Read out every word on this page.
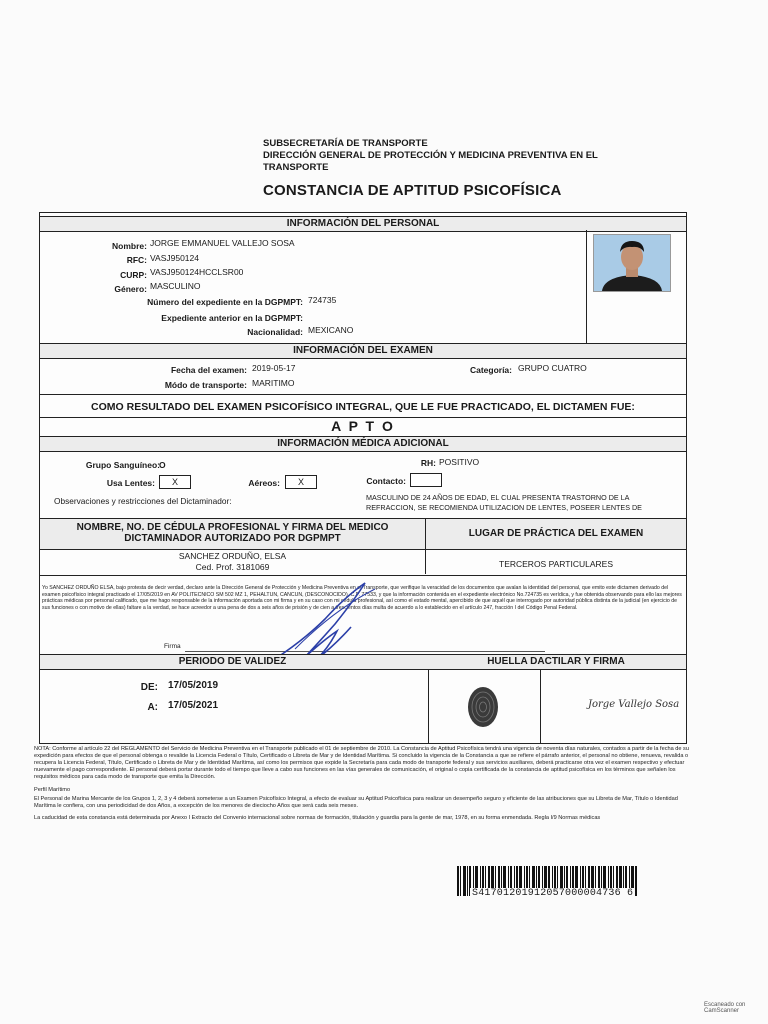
SUBSECRETARÍA DE TRANSPORTE
DIRECCIÓN GENERAL DE PROTECCIÓN Y MEDICINA PREVENTIVA EN EL
TRANSPORTE
CONSTANCIA DE APTITUD PSICOFÍSICA
INFORMACIÓN DEL PERSONAL
Nombre: JORGE EMMANUEL VALLEJO SOSA
RFC: VASJ950124
CURP: VASJ950124HCCLSR00
Género: MASCULINO
Número del expediente en la DGPMPT: 724735
Expediente anterior en la DGPMPT:
Nacionalidad: MEXICANO
INFORMACIÓN DEL EXAMEN
Fecha del examen: 2019-05-17	Categoría: GRUPO CUATRO
Módo de transporte: MARITIMO
COMO RESULTADO DEL EXAMEN PSICOFÍSICO INTEGRAL, QUE LE FUE PRACTICADO, EL DICTAMEN FUE:
A P T O
INFORMACIÓN MÉDICA ADICIONAL
Grupo Sanguíneo: O	RH: POSITIVO
Usa Lentes:	X	Aéreos:	X	Contacto:
Observaciones y restricciones del Dictaminador:	MASCULINO DE 24 AÑOS DE EDAD, EL CUAL PRESENTA TRASTORNO DE LA
REFRACCION, SE RECOMIENDA UTILIZACION DE LENTES, POSEER LENTES DE
NOMBRE, NO. DE CÉDULA PROFESIONAL Y FIRMA DEL MEDICO
DICTAMINADOR AUTORIZADO POR DGPMPT	LUGAR DE PRÁCTICA DEL EXAMEN
SANCHEZ ORDUÑO, ELSA
Ced. Prof. 3181069	TERCEROS PARTICULARES
Yo SANCHEZ ORDUÑO ELSA, bajo protesta de decir verdad, declaro ante la Dirección General de Protección y Medicina Preventiva en el Transporte, que verifique la veracidad de los documentos que avalan la identidad del personal, que emito este dictamen derivado del examen psicofísico integral practicado el 17/05/2019 en AV POLITECNICO SM 502 MZ 1, PEHALTUN, CANCUN, (DESCONOCIDO), C.P. 77533, y que la información contenida en el expediente electrónico No.724735 es verídica, y fue obtenida observando para ello las mejores prácticas médicas por personal calificado, que me hago responsable de la información aportada con mi firma y en su caso con mi cédula profesional, así como el estado mental, apercibido de que aquél que interrogado por autoridad pública distinta de la judicial (en ejercicio de sus funciones o con motivo de ellas) faltare a la verdad, se hace acreedor a una pena de dos a seis años de prisión y de cien a trescientos días multa de acuerdo a lo establecido en el artículo 247, fracción I del Código Penal Federal.
Firma
PERIODO DE VALIDEZ	HUELLA DACTILAR Y FIRMA
DE: 17/05/2019
A: 17/05/2021	Jorge Vallejo Sosa

NOTA: Conforme al artículo 22 del REGLAMENTO del Servicio de Medicina Preventiva en el Transporte publicado el 01 de septiembre de 2010. La Constancia de Aptitud Psicofísica tendrá una vigencia de noventa días naturales, contados a partir de la fecha de su expedición para efectos de que el personal obtenga o revalide la Licencia Federal o Título, Certificado o Libreta de Mar y de Identidad Marítima. Si concluido la vigencia de la Constancia a que se refiere el párrafo anterior, el personal no obtiene, renueva, revalida o recupera la Licencia Federal, Título, Certificado o Libreta de Mar y de Identidad Marítima, así como los permisos que expide la Secretaría para cada modo de transporte federal y sus servicios auxiliares, deberá practicarse otra vez el examen respectivo y efectuar nuevamente el pago correspondiente. El personal deberá portar durante todo el tiempo que lleve a cabo sus funciones en las vías generales de comunicación, el original o copia certificada de la constancia de aptitud psicofísica en los términos que señalen los requisitos médicos para cada modo de transporte que emita la Dirección.

Perfil Marítimo

El Personal de Marina Mercante de los Grupos 1, 2, 3 y 4 deberá someterse a un Examen Psicofísico Integral, a efecto de evaluar su Aptitud Psicofísica para realizar un desempeño seguro y eficiente de las atribuciones que su Libreta de Mar, Título o Identidad Marítima le confiera, con una periodicidad de dos Años, a excepción de los menores de dieciocho Años que será cada seis meses.

La caducidad de esta constancia está determinada por Anexo I Extracto del Convenio internacional sobre normas de formación, titulación y guardia para la gente de mar, 1978, en su forma enmendada. Regla I/9 Normas médicas

S41701201912057000004736 6
Escaneado con CamScanner
